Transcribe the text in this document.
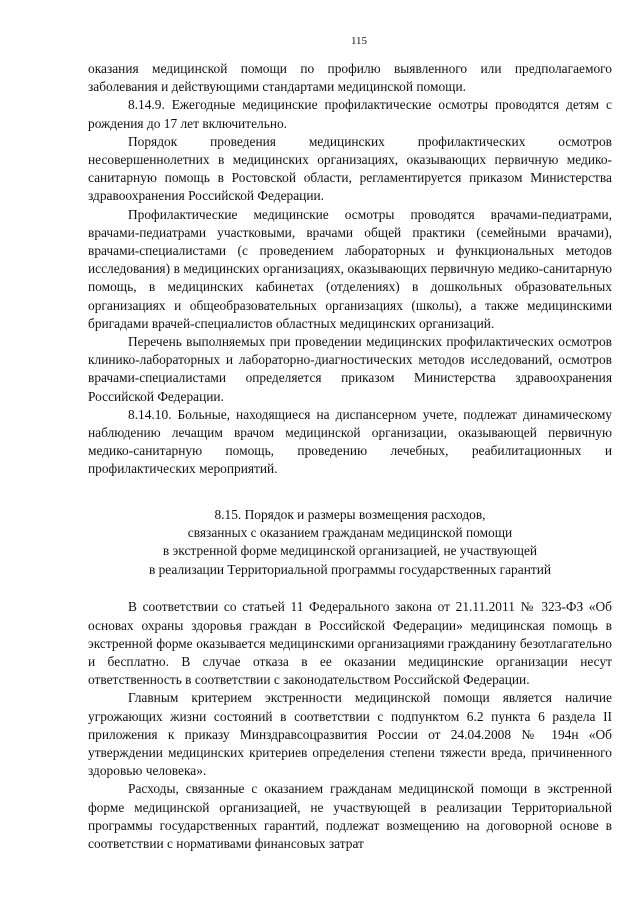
115

оказания медицинской помощи по профилю выявленного или предполагаемого заболевания и действующими стандартами медицинской помощи.

8.14.9. Ежегодные медицинские профилактические осмотры проводятся детям с рождения до 17 лет включительно.

Порядок проведения медицинских профилактических осмотров несовершеннолетних в медицинских организациях, оказывающих первичную медико-санитарную помощь в Ростовской области, регламентируется приказом Министерства здравоохранения Российской Федерации.

Профилактические медицинские осмотры проводятся врачами-педиатрами, врачами-педиатрами участковыми, врачами общей практики (семейными врачами), врачами-специалистами (с проведением лабораторных и функциональных методов исследования) в медицинских организациях, оказывающих первичную медико-санитарную помощь, в медицинских кабинетах (отделениях) в дошкольных образовательных организациях и общеобразовательных организациях (школы), а также медицинскими бригадами врачей-специалистов областных медицинских организаций.

Перечень выполняемых при проведении медицинских профилактических осмотров клинико-лабораторных и лабораторно-диагностических методов исследований, осмотров врачами-специалистами определяется приказом Министерства здравоохранения Российской Федерации.

8.14.10. Больные, находящиеся на диспансерном учете, подлежат динамическому наблюдению лечащим врачом медицинской организации, оказывающей первичную медико-санитарную помощь, проведению лечебных, реабилитационных и профилактических мероприятий.

8.15. Порядок и размеры возмещения расходов,
связанных с оказанием гражданам медицинской помощи
в экстренной форме медицинской организацией, не участвующей
в реализации Территориальной программы государственных гарантий

В соответствии со статьей 11 Федерального закона от 21.11.2011 № 323-ФЗ «Об основах охраны здоровья граждан в Российской Федерации» медицинская помощь в экстренной форме оказывается медицинскими организациями гражданину безотлагательно и бесплатно. В случае отказа в ее оказании медицинские организации несут ответственность в соответствии с законодательством Российской Федерации.

Главным критерием экстренности медицинской помощи является наличие угрожающих жизни состояний в соответствии с подпунктом 6.2 пункта 6 раздела II приложения к приказу Минздравсоцразвития России от 24.04.2008 № 194н «Об утверждении медицинских критериев определения степени тяжести вреда, причиненного здоровью человека».

Расходы, связанные с оказанием гражданам медицинской помощи в экстренной форме медицинской организацией, не участвующей в реализации Территориальной программы государственных гарантий, подлежат возмещению на договорной основе в соответствии с нормативами финансовых затрат
